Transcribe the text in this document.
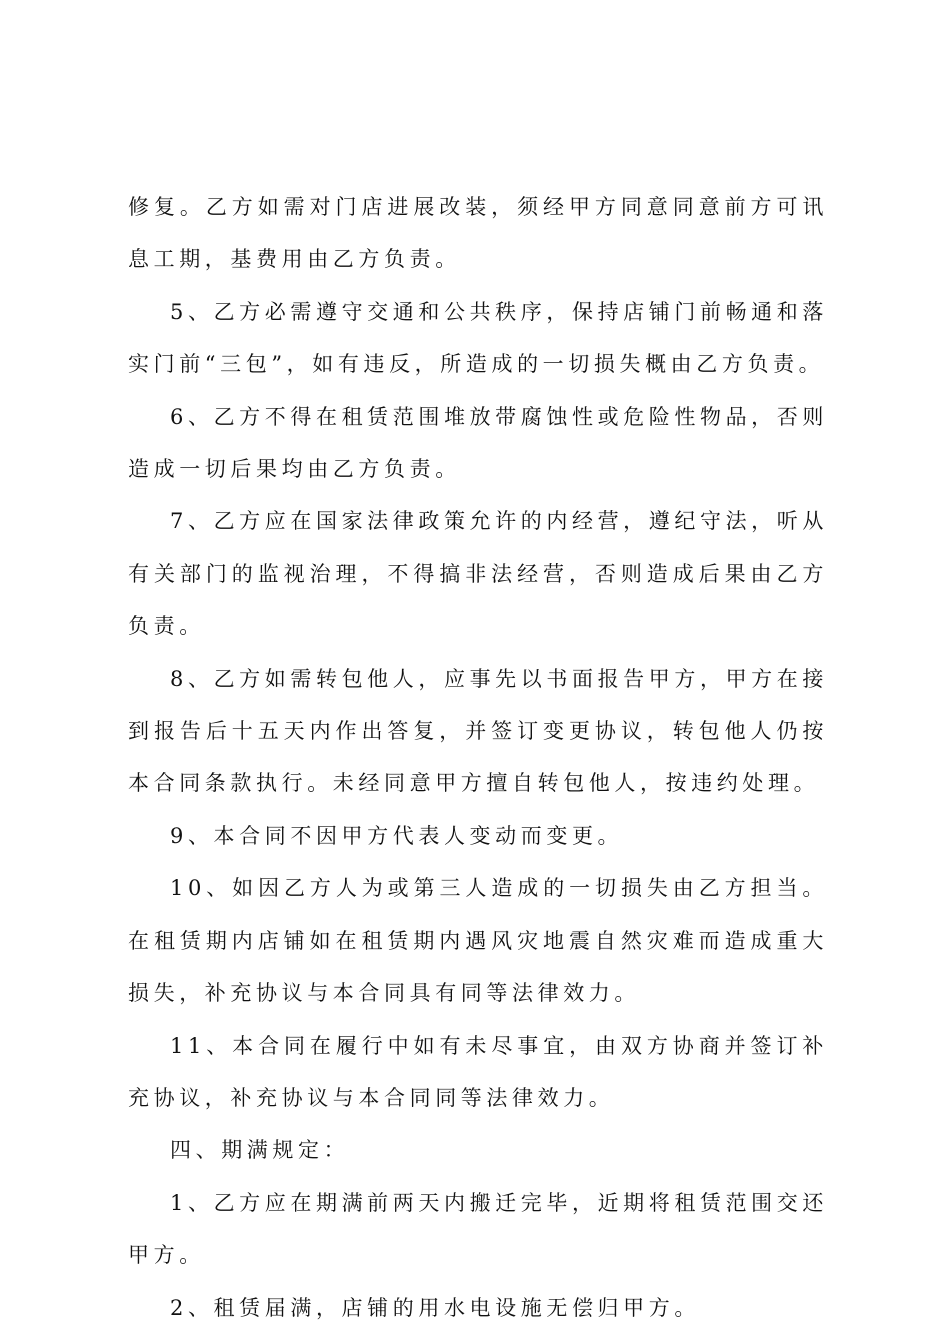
修复。乙方如需对门店进展改装，须经甲方同意同意前方可讯息工期，基费用由乙方负责。

5、乙方必需遵守交通和公共秩序，保持店铺门前畅通和落实门前“三包”，如有违反，所造成的一切损失概由乙方负责。

6、乙方不得在租赁范围堆放带腐蚀性或危险性物品，否则造成一切后果均由乙方负责。

7、乙方应在国家法律政策允许的内经营，遵纪守法，听从有关部门的监视治理，不得搞非法经营，否则造成后果由乙方负责。

8、乙方如需转包他人，应事先以书面报告甲方，甲方在接到报告后十五天内作出答复，并签订变更协议，转包他人仍按本合同条款执行。未经同意甲方擅自转包他人，按违约处理。

9、本合同不因甲方代表人变动而变更。

10、如因乙方人为或第三人造成的一切损失由乙方担当。在租赁期内店铺如在租赁期内遇风灾地震自然灾难而造成重大损失，补充协议与本合同具有同等法律效力。

11、本合同在履行中如有未尽事宜，由双方协商并签订补充协议，补充协议与本合同同等法律效力。

四、期满规定：

1、乙方应在期满前两天内搬迁完毕，近期将租赁范围交还甲方。

2、租赁届满，店铺的用水电设施无偿归甲方。
